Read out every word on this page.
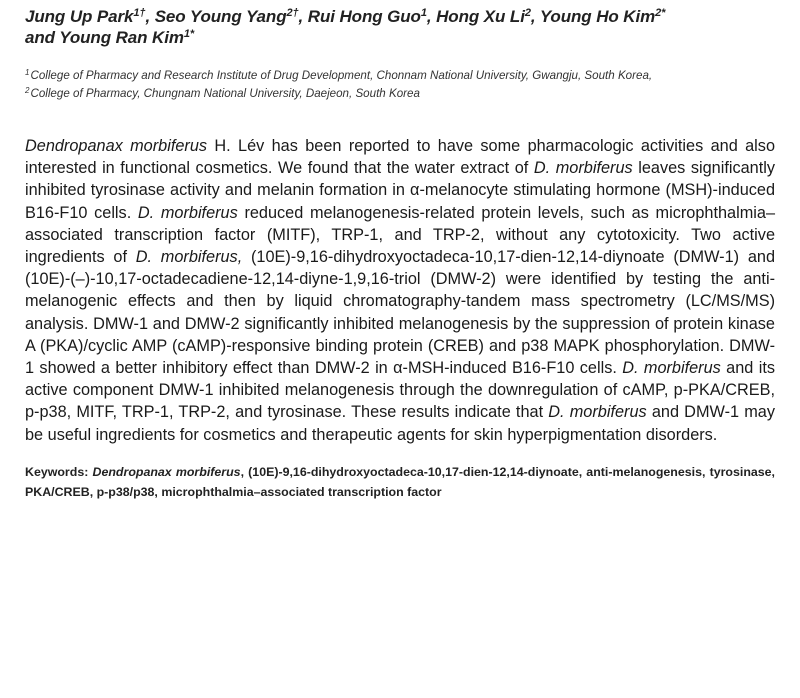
Jung Up Park$^{1\dagger}$, Seo Young Yang$^{2\dagger}$, Rui Hong Guo$^1$, Hong Xu Li$^2$, Young Ho Kim$^{2*}$
and Young Ran Kim$^{1*}$
$^1$College of Pharmacy and Research Institute of Drug Development, Chonnam National University, Gwangju, South Korea,
$^2$College of Pharmacy, Chungnam National University, Daejeon, South Korea

Dendropanax morbiferus H. Lév has been reported to have some pharmacologic activities and also interested in functional cosmetics. We found that the water extract of D. morbiferus leaves significantly inhibited tyrosinase activity and melanin formation in α-melanocyte stimulating hormone (MSH)-induced B16-F10 cells. D. morbiferus reduced melanogenesis-related protein levels, such as microphthalmia–associated transcription factor (MITF), TRP-1, and TRP-2, without any cytotoxicity. Two active ingredients of D. morbiferus, (10E)-9,16-dihydroxyoctadeca-10,17-dien-12,14-diynoate (DMW-1) and (10E)-(–)-10,17-octadecadiene-12,14-diyne-1,9,16-triol (DMW-2) were identified by testing the anti-melanogenic effects and then by liquid chromatography-tandem mass spectrometry (LC/MS/MS) analysis. DMW-1 and DMW-2 significantly inhibited melanogenesis by the suppression of protein kinase A (PKA)/cyclic AMP (cAMP)-responsive binding protein (CREB) and p38 MAPK phosphorylation. DMW-1 showed a better inhibitory effect than DMW-2 in α-MSH-induced B16-F10 cells. D. morbiferus and its active component DMW-1 inhibited melanogenesis through the downregulation of cAMP, p-PKA/CREB, p-p38, MITF, TRP-1, TRP-2, and tyrosinase. These results indicate that D. morbiferus and DMW-1 may be useful ingredients for cosmetics and therapeutic agents for skin hyperpigmentation disorders.

Keywords: Dendropanax morbiferus, (10E)-9,16-dihydroxyoctadeca-10,17-dien-12,14-diynoate, anti-melanogenesis, tyrosinase, PKA/CREB, p-p38/p38, microphthalmia–associated transcription factor
